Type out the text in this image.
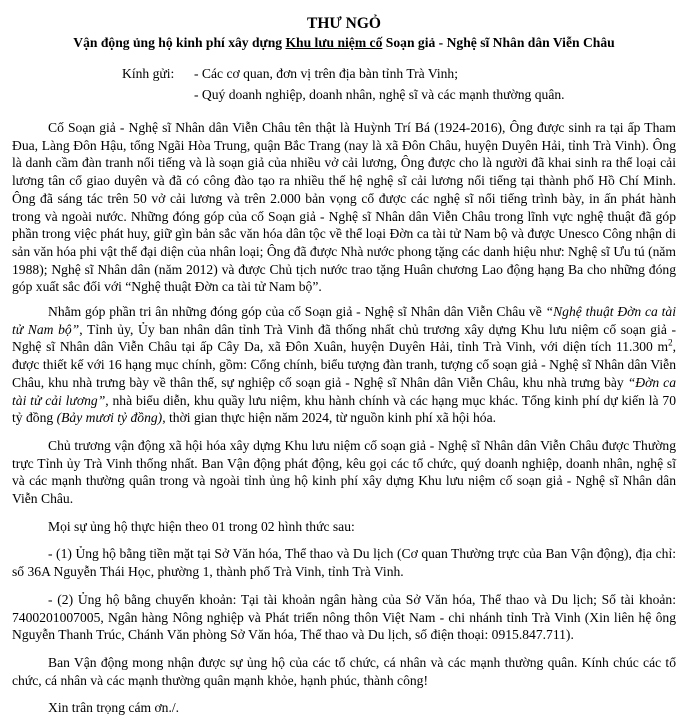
THƯ NGỎ
Vận động ủng hộ kinh phí xây dựng Khu lưu niệm cố Soạn giả - Nghệ sĩ Nhân dân Viễn Châu
Kính gửi:	- Các cơ quan, đơn vị trên địa bàn tỉnh Trà Vinh;
- Quý doanh nghiệp, doanh nhân, nghệ sĩ và các mạnh thường quân.

Cố Soạn giả - Nghệ sĩ Nhân dân Viễn Châu tên thật là Huỳnh Trí Bá (1924-2016), Ông được sinh ra tại ấp Tham Đua, Làng Đôn Hậu, tổng Ngãi Hòa Trung, quận Bắc Trang (nay là xã Đôn Châu, huyện Duyên Hải, tỉnh Trà Vinh). Ông là danh cầm đàn tranh nổi tiếng và là soạn giả của nhiều vở cải lương, Ông được cho là người đã khai sinh ra thể loại cải lương tân cổ giao duyên và đã có công đào tạo ra nhiều thế hệ nghệ sĩ cải lương nổi tiếng tại thành phố Hồ Chí Minh. Ông đã sáng tác trên 50 vở cải lương và trên 2.000 bản vọng cổ được các nghệ sĩ nổi tiếng trình bày, in ấn phát hành trong và ngoài nước. Những đóng góp của cố Soạn giả - Nghệ sĩ Nhân dân Viễn Châu trong lĩnh vực nghệ thuật đã góp phần trong việc phát huy, giữ gìn bản sắc văn hóa dân tộc về thể loại Đờn ca tài tử Nam bộ và được Unesco Công nhận di sản văn hóa phi vật thể đại diện của nhân loại; Ông đã được Nhà nước phong tặng các danh hiệu như: Nghệ sĩ Ưu tú (năm 1988); Nghệ sĩ Nhân dân (năm 2012) và được Chủ tịch nước trao tặng Huân chương Lao động hạng Ba cho những đóng góp xuất sắc đối với “Nghệ thuật Đờn ca tài tử Nam bộ”.

Nhằm góp phần tri ân những đóng góp của cố Soạn giả - Nghệ sĩ Nhân dân Viễn Châu về “Nghệ thuật Đờn ca tài tử Nam bộ”, Tỉnh ủy, Ủy ban nhân dân tỉnh Trà Vinh đã thống nhất chủ trương xây dựng Khu lưu niệm cố soạn giả - Nghệ sĩ Nhân dân Viễn Châu tại ấp Cây Da, xã Đôn Xuân, huyện Duyên Hải, tỉnh Trà Vinh, với diện tích 11.300 $m^2$, được thiết kế với 16 hạng mục chính, gồm: Cổng chính, biểu tượng đàn tranh, tượng cố soạn giả - Nghệ sĩ Nhân dân Viễn Châu, khu nhà trưng bày về thân thế, sự nghiệp cố soạn giả - Nghệ sĩ Nhân dân Viễn Châu, khu nhà trưng bày “Đờn ca tài tử cải lương”, nhà biểu diễn, khu quầy lưu niệm, khu hành chính và các hạng mục khác. Tổng kinh phí dự kiến là 70 tỷ đồng (Bảy mươi tỷ đồng), thời gian thực hiện năm 2024, từ nguồn kinh phí xã hội hóa.

Chủ trương vận động xã hội hóa xây dựng Khu lưu niệm cố soạn giả - Nghệ sĩ Nhân dân Viễn Châu được Thường trực Tỉnh ủy Trà Vinh thống nhất. Ban Vận động phát động, kêu gọi các tổ chức, quý doanh nghiệp, doanh nhân, nghệ sĩ và các mạnh thường quân trong và ngoài tỉnh ủng hộ kinh phí xây dựng Khu lưu niệm cố soạn giả - Nghệ sĩ Nhân dân Viễn Châu.

Mọi sự ủng hộ thực hiện theo 01 trong 02 hình thức sau:

- (1) Ủng hộ bằng tiền mặt tại Sở Văn hóa, Thể thao và Du lịch (Cơ quan Thường trực của Ban Vận động), địa chỉ: số 36A Nguyễn Thái Học, phường 1, thành phố Trà Vinh, tỉnh Trà Vinh.

- (2) Ủng hộ bằng chuyển khoản: Tại tài khoản ngân hàng của Sở Văn hóa, Thể thao và Du lịch; Số tài khoản: 7400201007005, Ngân hàng Nông nghiệp và Phát triển nông thôn Việt Nam - chi nhánh tỉnh Trà Vinh (Xin liên hệ ông Nguyễn Thanh Trúc, Chánh Văn phòng Sở Văn hóa, Thể thao và Du lịch, số điện thoại: 0915.847.711).

Ban Vận động mong nhận được sự ủng hộ của các tổ chức, cá nhân và các mạnh thường quân. Kính chúc các tổ chức, cá nhân và các mạnh thường quân mạnh khỏe, hạnh phúc, thành công!

Xin trân trọng cám ơn./.
